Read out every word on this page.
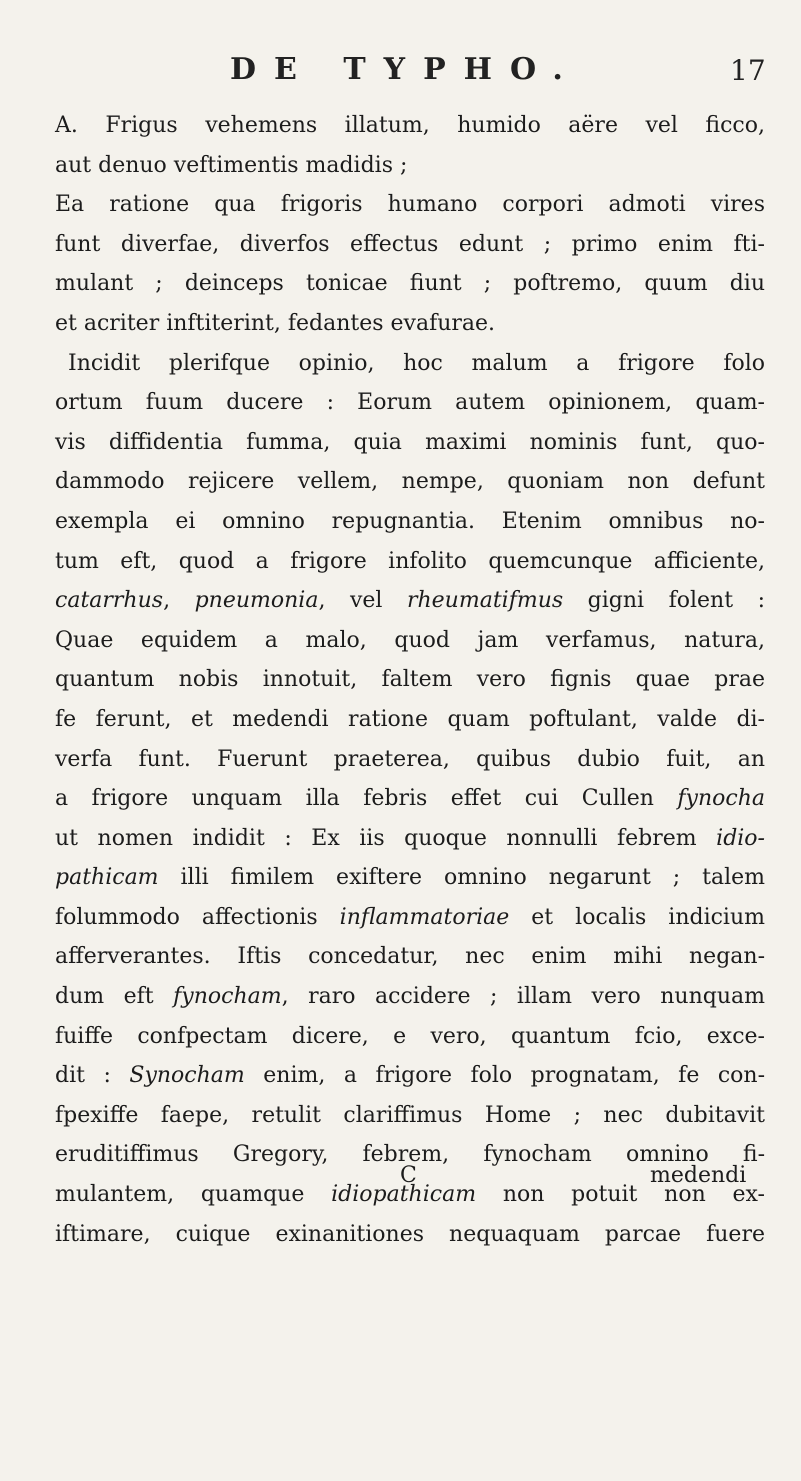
DE TYPHO.	17
A. Frigus vehemens illatum, humido aëre vel ficco,
aut denuo veftimentis madidis ;
Ea ratione qua frigoris humano corpori admoti vires
funt diverfae, diverfos effectus edunt ; primo enim fti-
mulant ; deinceps tonicae fiunt ; poftremo, quum diu
et acriter inftiterint, fedantes evafurae.
Incidit plerifque opinio, hoc malum a frigore folo
ortum fuum ducere : Eorum autem opinionem, quam-
vis diffidentia fumma, quia maximi nominis funt, quo-
dammodo rejicere vellem, nempe, quoniam non defunt
exempla ei omnino repugnantia. Etenim omnibus no-
tum eft, quod a frigore infolito quemcunque afficiente,
catarrhus, pneumonia, vel rheumatifmus gigni folent :
Quae equidem a malo, quod jam verfamus, natura,
quantum nobis innotuit, faltem vero fignis quae prae
fe ferunt, et medendi ratione quam poftulant, valde di-
verfa funt. Fuerunt praeterea, quibus dubio fuit, an
a frigore unquam illa febris effet cui Cullen fynocha
ut nomen indidit : Ex iis quoque nonnulli febrem idio-
pathicam illi fimilem exiftere omnino negarunt ; talem
folummodo affectionis inflammatoriae et localis indicium
afferverantes. Iftis concedatur, nec enim mihi negan-
dum eft fynocham, raro accidere ; illam vero nunquam
fuiffe confpectam dicere, e vero, quantum fcio, exce-
dit : Synocham enim, a frigore folo prognatam, fe con-
fpexiffe faepe, retulit clariffimus Home ; nec dubitavit
eruditiffimus Gregory, febrem, fynocham omnino fi-
mulantem, quamque idiopathicam non potuit non ex-
iftimare, cuique exinanitiones nequaquam parcae fuere
C	medendi
